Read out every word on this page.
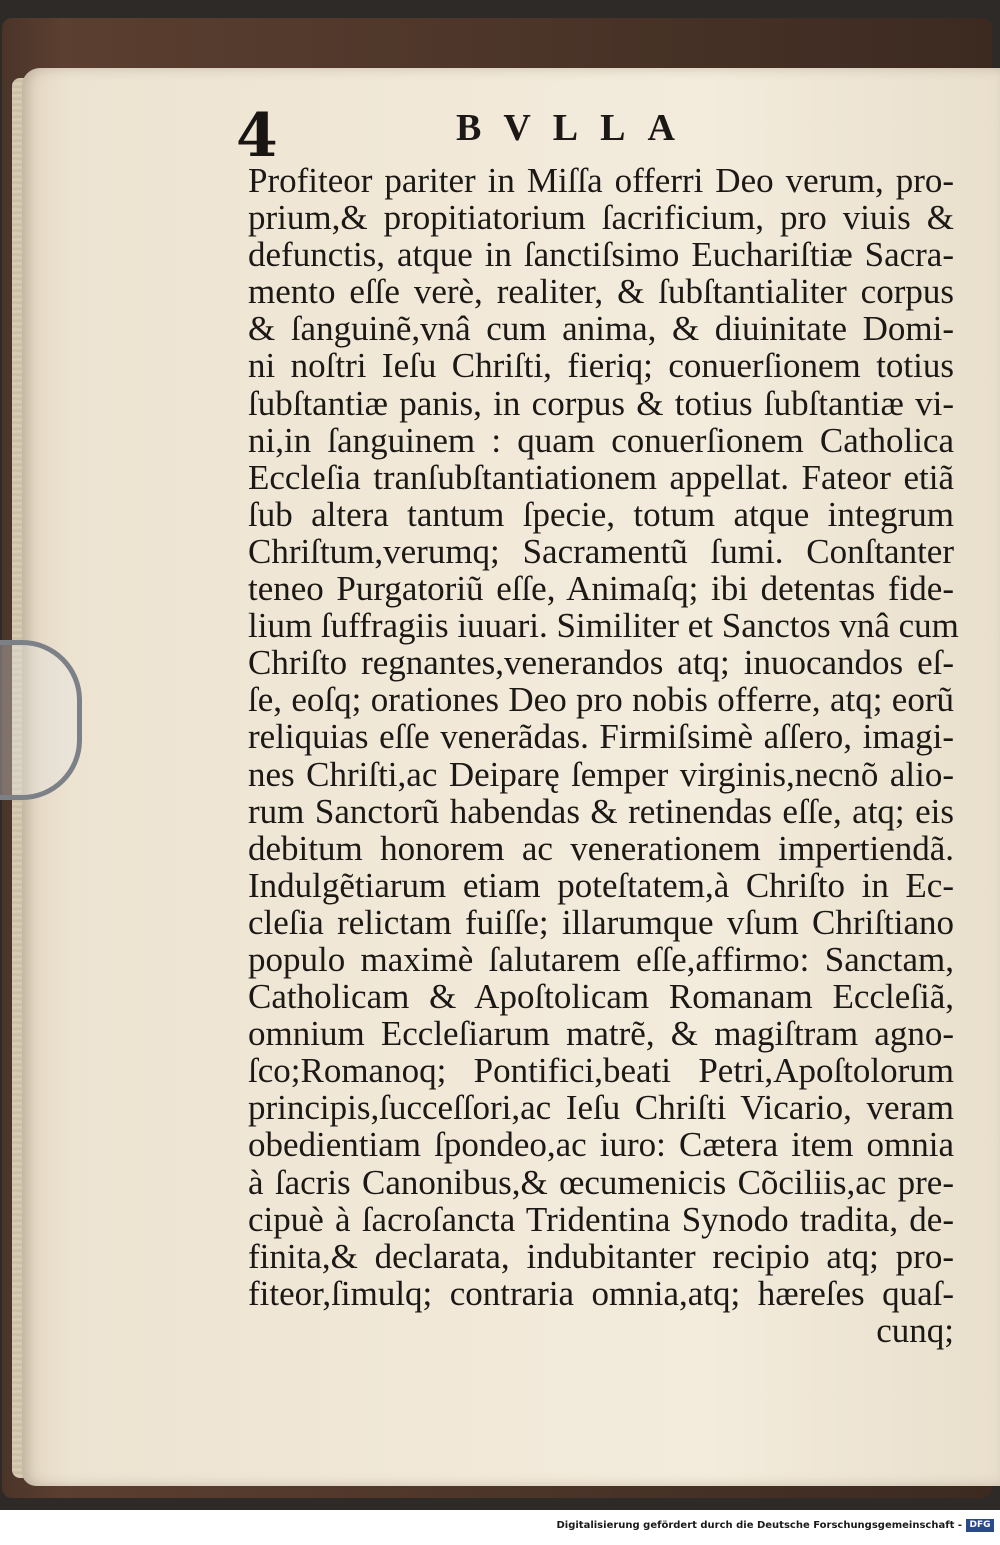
4	BVLLA
Profiteor pariter in Miſſa offerri Deo verum, pro-
prium,& propitiatorium ſacrificium, pro viuis &
defunctis, atque in ſanctiſsimo Euchariſtiæ Sacra-
mento eſſe verè, realiter, & ſubſtantialiter corpus
& ſanguinẽ,vnâ cum anima, & diuinitate Domi-
ni noſtri Ieſu Chriſti, fieriq; conuerſionem totius
ſubſtantiæ panis, in corpus & totius ſubſtantiæ vi-
ni,in ſanguinem : quam conuerſionem Catholica
Eccleſia tranſubſtantiationem appellat. Fateor etiã
ſub altera tantum ſpecie, totum atque integrum
Chriſtum,verumq; Sacramentũ ſumi. Conſtanter
teneo Purgatoriũ eſſe, Animaſq; ibi detentas fide-
lium ſuffragiis iuuari. Similiter et Sanctos vnâ cum
Chriſto regnantes,venerandos atq; inuocandos eſ-
ſe, eoſq; orationes Deo pro nobis offerre, atq; eorũ
reliquias eſſe venerãdas. Firmiſsimè aſſero, imagi-
nes Chriſti,ac Deiparę ſemper virginis,necnõ alio-
rum Sanctorũ habendas & retinendas eſſe, atq; eis
debitum honorem ac venerationem impertiendã.
Indulgẽtiarum etiam poteſtatem,à Chriſto in Ec-
cleſia relictam fuiſſe; illarumque vſum Chriſtiano
populo maximè ſalutarem eſſe,affirmo: Sanctam,
Catholicam & Apoſtolicam Romanam Eccleſiã,
omnium Eccleſiarum matrẽ, & magiſtram agno-
ſco;Romanoq; Pontifici,beati Petri,Apoſtolorum
principis,ſucceſſori,ac Ieſu Chriſti Vicario, veram
obedientiam ſpondeo,ac iuro: Cætera item omnia
à ſacris Canonibus,& œcumenicis Cõciliis,ac pre-
cipuè à ſacroſancta Tridentina Synodo tradita, de-
finita,& declarata, indubitanter recipio atq; pro-
fiteor,ſimulq; contraria omnia,atq; hæreſes quaſ-
cunq;
Digitalisierung gefördert durch die Deutsche Forschungsgemeinschaft - DFG
